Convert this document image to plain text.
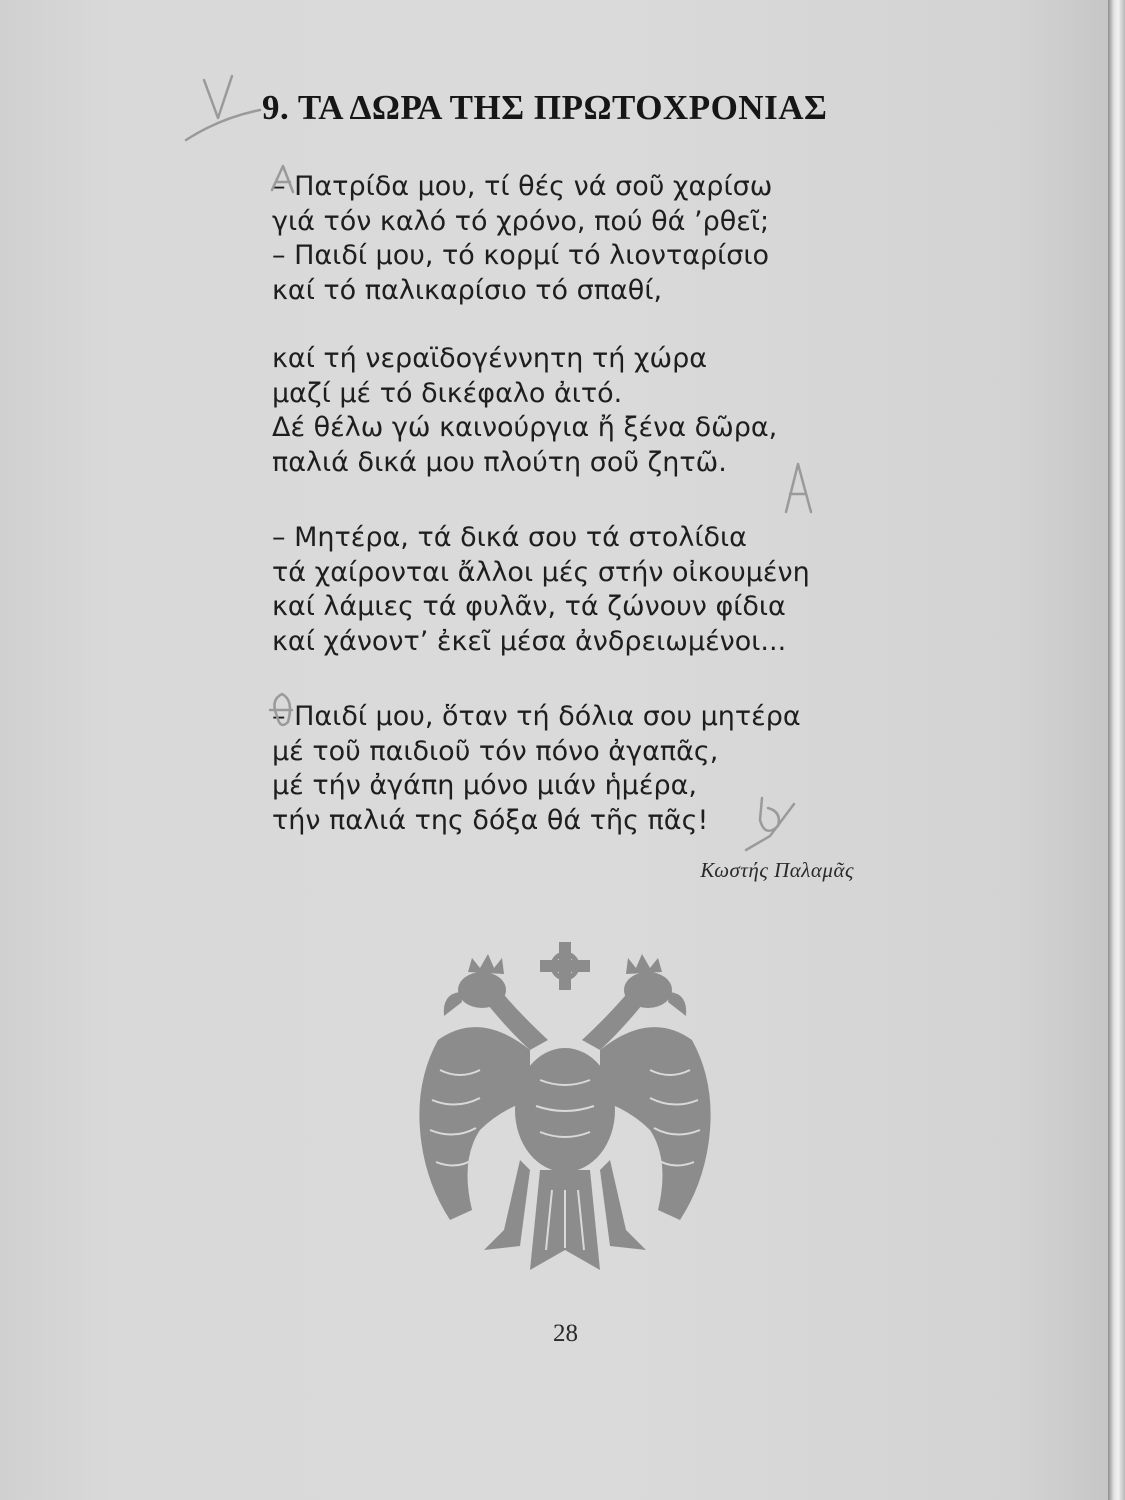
9. ΤΑ ΔΩΡΑ ΤΗΣ ΠΡΩΤΟΧΡΟΝΙΑΣ
– Πατρίδα μου, τί θές νά σοῦ χαρίσω
γιά τόν καλό τό χρόνο, πού θά ’ρθεῖ;
– Παιδί μου, τό κορμί τό λιονταρίσιο
καί τό παλικαρίσιο τό σπαθί,
καί τή νεραϊδογέννητη τή χώρα
μαζί μέ τό δικέφαλο ἀιτό.
Δέ θέλω γώ καινούργια ἤ ξένα δῶρα,
παλιά δικά μου πλούτη σοῦ ζητῶ.
– Μητέρα, τά δικά σου τά στολίδια
τά χαίρονται ἄλλοι μές στήν οἰκουμένη
καί λάμιες τά φυλᾶν, τά ζώνουν φίδια
καί χάνοντ’ ἐκεῖ μέσα ἀνδρειωμένοι...
– Παιδί μου, ὅταν τή δόλια σου μητέρα
μέ τοῦ παιδιοῦ τόν πόνο ἀγαπᾶς,
μέ τήν ἀγάπη μόνο μιάν ἡμέρα,
τήν παλιά της δόξα θά τῆς πᾶς!

Κωστής Παλαμᾶς

28
